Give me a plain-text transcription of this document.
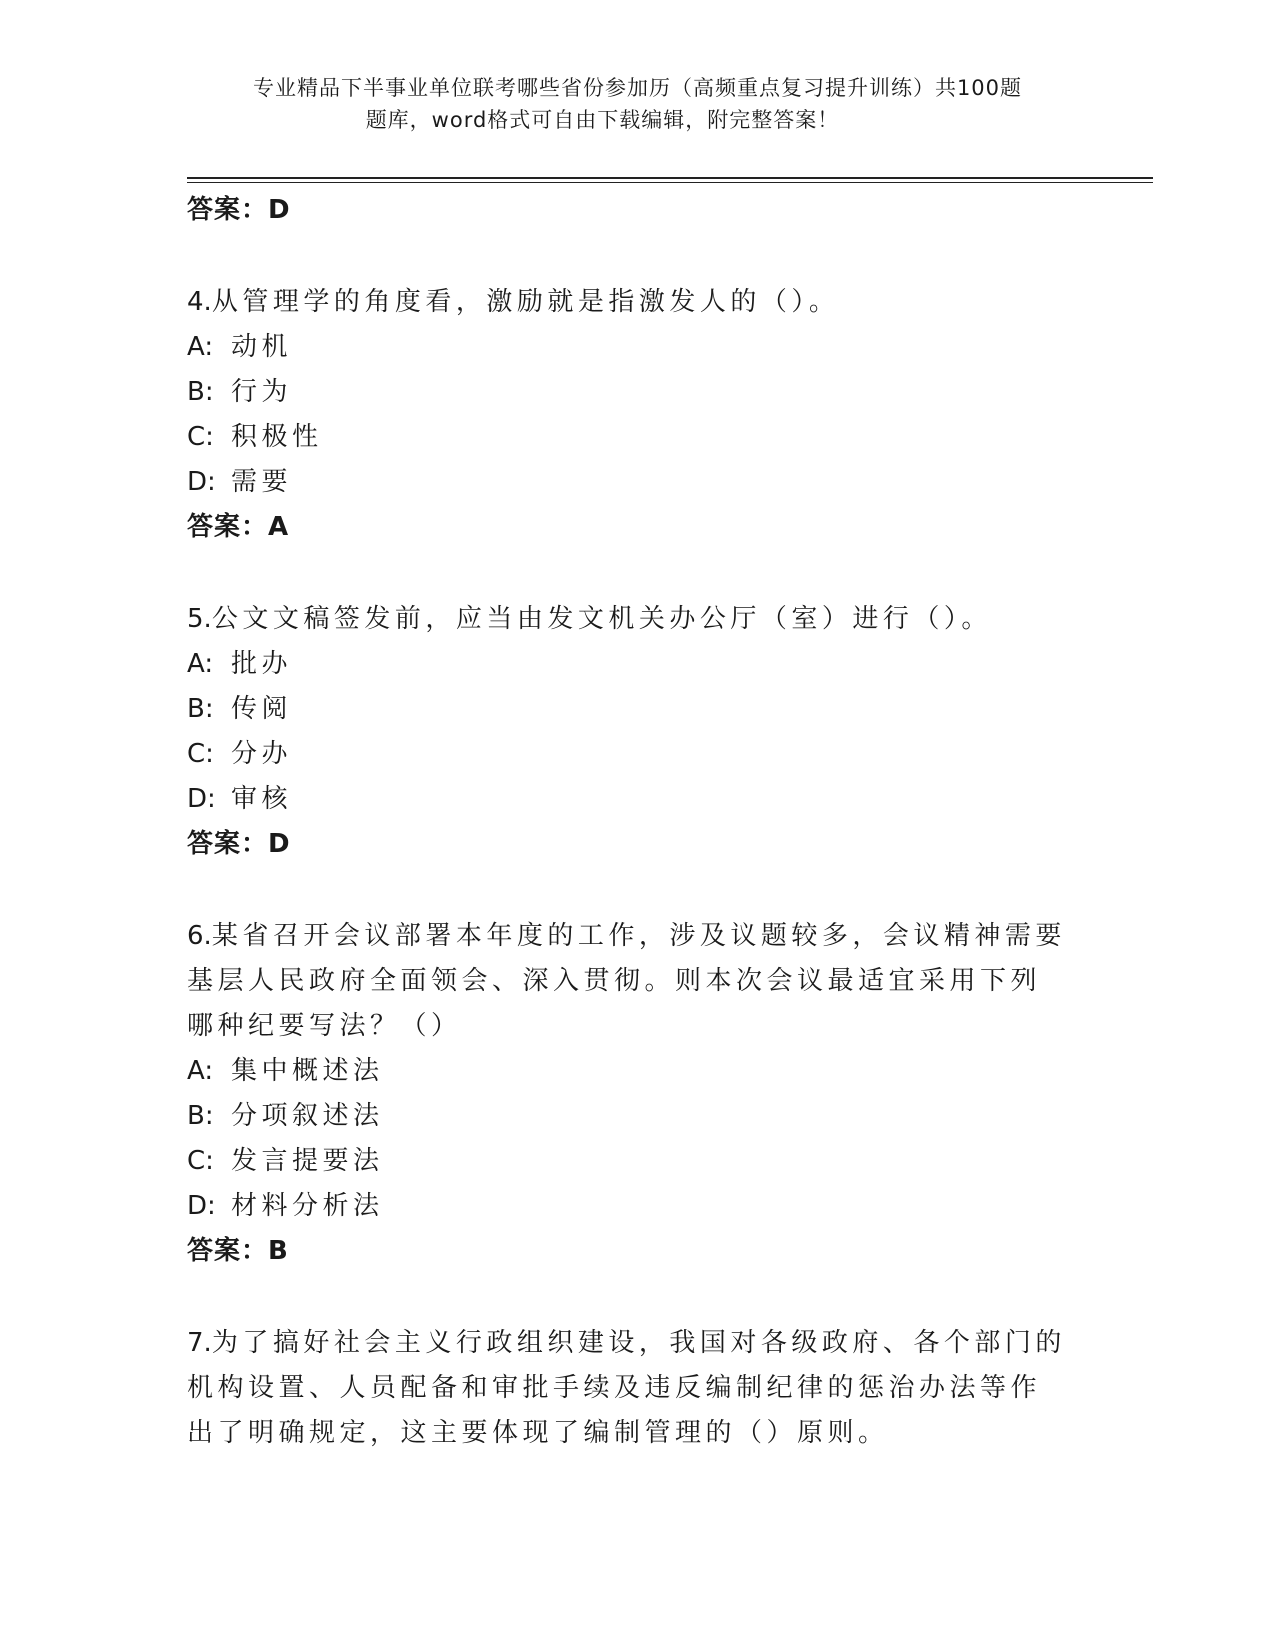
专业精品下半事业单位联考哪些省份参加历（高频重点复习提升训练）共100题
题库，word格式可自由下载编辑，附完整答案！
答案：D
4.从管理学的角度看，激励就是指激发人的（）。
A: 动机
B: 行为
C: 积极性
D: 需要
答案：A
5.公文文稿签发前，应当由发文机关办公厅（室）进行（）。
A: 批办
B: 传阅
C: 分办
D: 审核
答案：D
6.某省召开会议部署本年度的工作，涉及议题较多，会议精神需要基层人民政府全面领会、深入贯彻。则本次会议最适宜采用下列哪种纪要写法？（）
A: 集中概述法
B: 分项叙述法
C: 发言提要法
D: 材料分析法
答案：B
7.为了搞好社会主义行政组织建设，我国对各级政府、各个部门的机构设置、人员配备和审批手续及违反编制纪律的惩治办法等作出了明确规定，这主要体现了编制管理的（）原则。
